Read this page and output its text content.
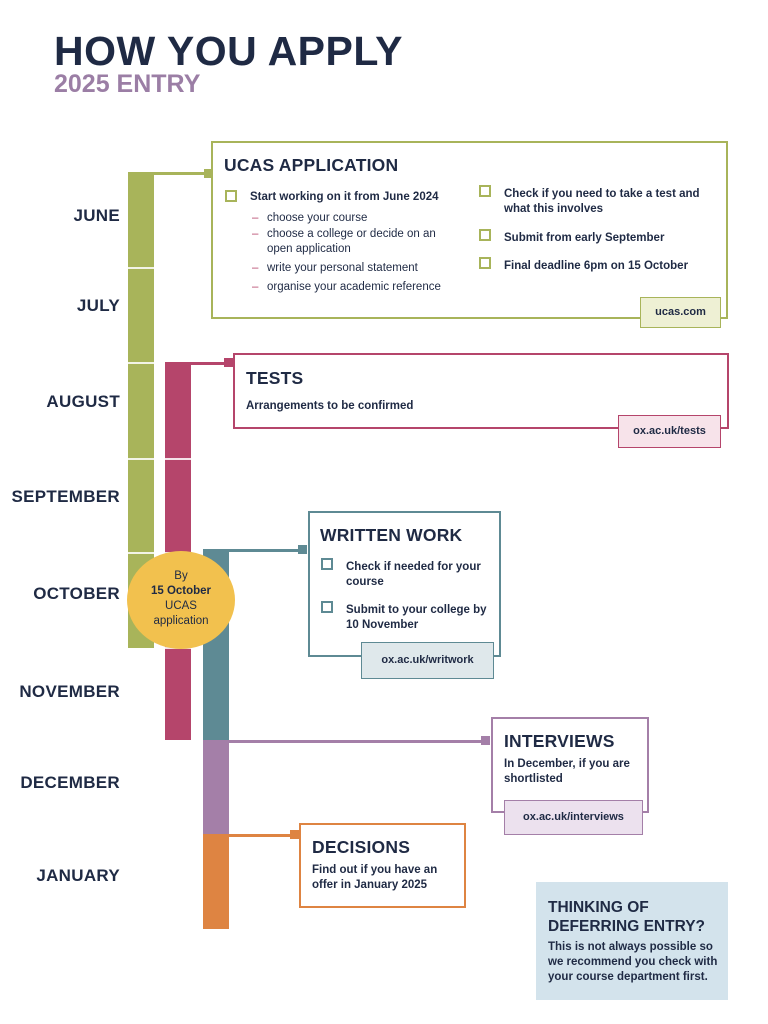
HOW YOU APPLY
2025 ENTRY
JUNE
JULY
AUGUST
SEPTEMBER
OCTOBER
NOVEMBER
DECEMBER
JANUARY
UCAS APPLICATION
Start working on it from June 2024
– choose your course
– choose a college or decide on an
open application
– write your personal statement
– organise your academic reference
Check if you need to take a test and
what this involves
Submit from early September
Final deadline 6pm on 15 October
ucas.com
TESTS
Arrangements to be confirmed
ox.ac.uk/tests
WRITTEN WORK
Check if needed for your
course
Submit to your college by
10 November
ox.ac.uk/writwork
INTERVIEWS
In December, if you are
shortlisted
ox.ac.uk/interviews
DECISIONS
Find out if you have an
offer in January 2025
By
15 October
UCAS
application
THINKING OF
DEFERRING ENTRY?
This is not always possible so
we recommend you check with
your course department first.
